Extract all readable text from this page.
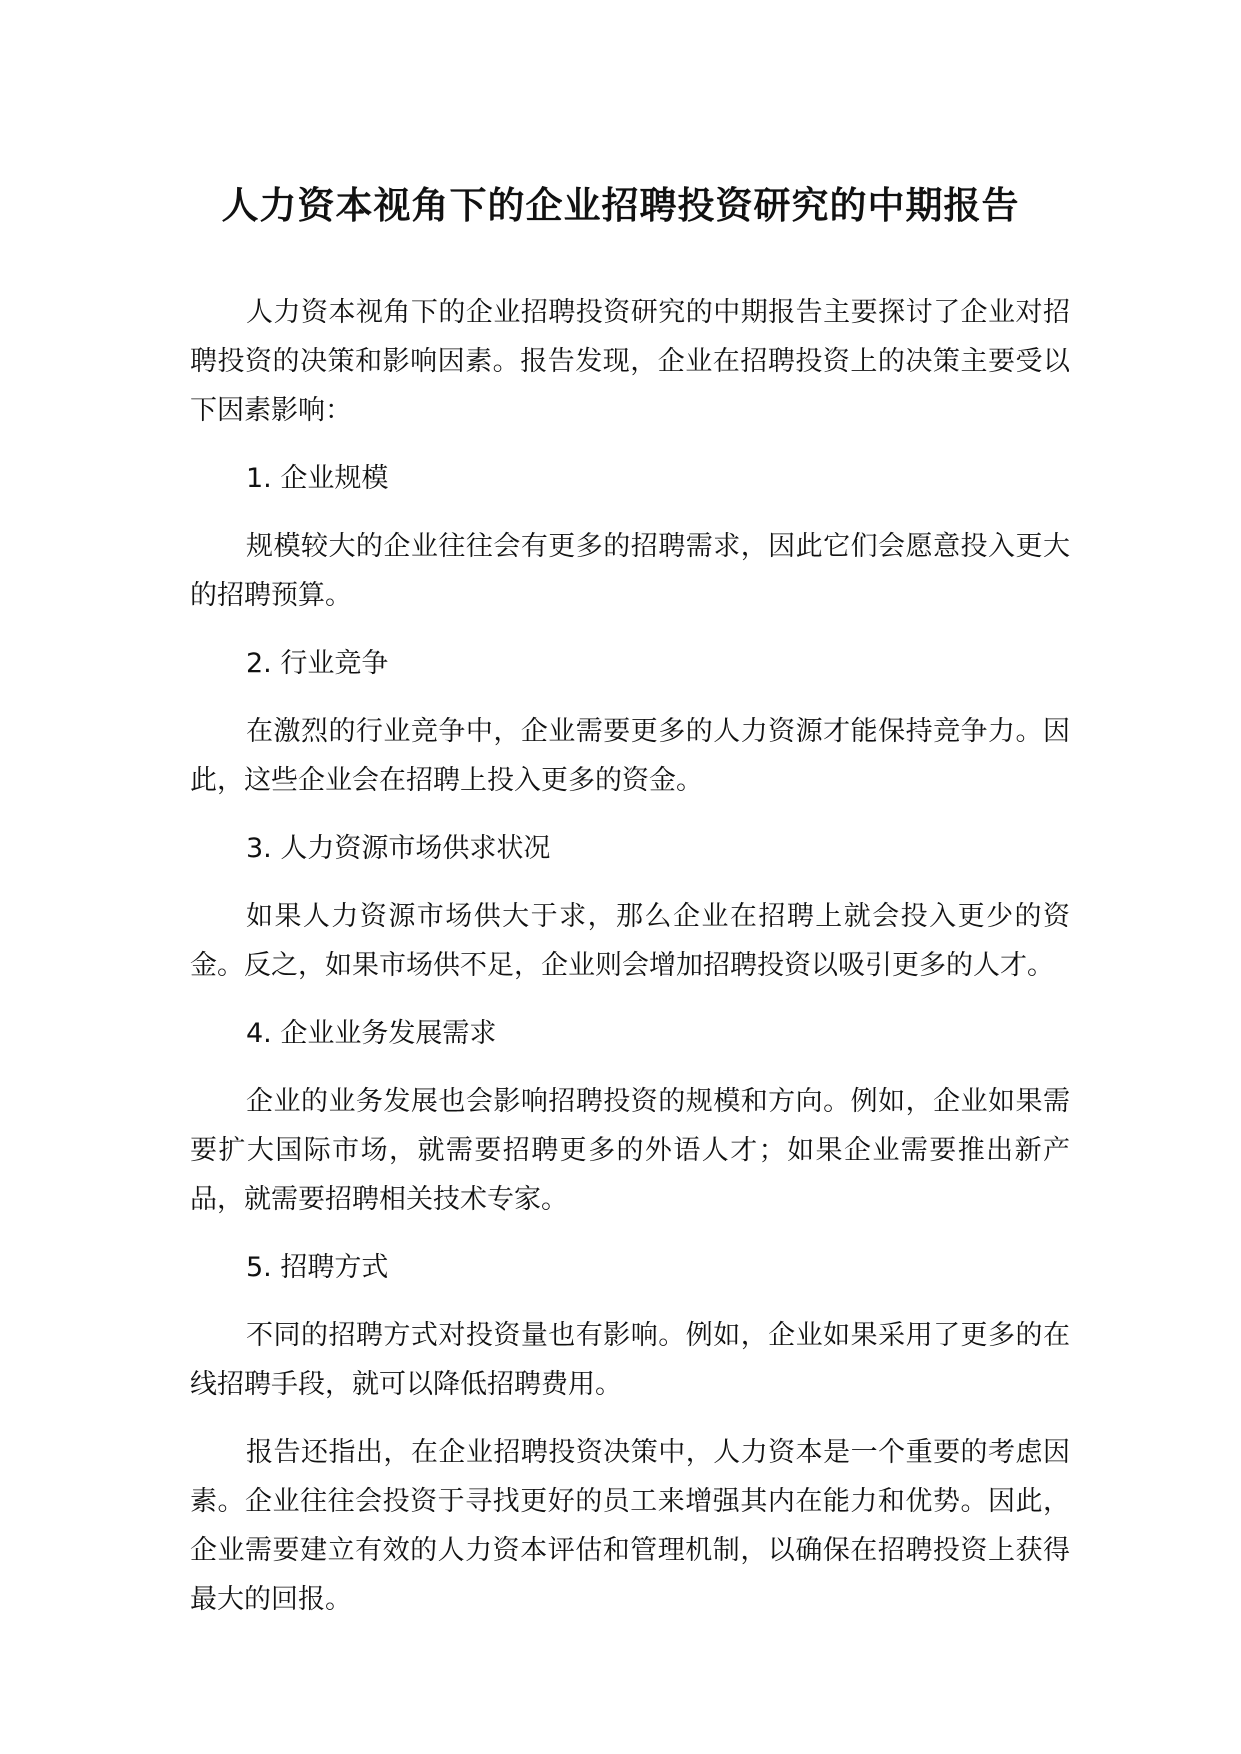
人力资本视角下的企业招聘投资研究的中期报告

人力资本视角下的企业招聘投资研究的中期报告主要探讨了企业对招聘投资的决策和影响因素。报告发现，企业在招聘投资上的决策主要受以下因素影响：

1. 企业规模

规模较大的企业往往会有更多的招聘需求，因此它们会愿意投入更大的招聘预算。

2. 行业竞争

在激烈的行业竞争中，企业需要更多的人力资源才能保持竞争力。因此，这些企业会在招聘上投入更多的资金。

3. 人力资源市场供求状况

如果人力资源市场供大于求，那么企业在招聘上就会投入更少的资金。反之，如果市场供不足，企业则会增加招聘投资以吸引更多的人才。

4. 企业业务发展需求

企业的业务发展也会影响招聘投资的规模和方向。例如，企业如果需要扩大国际市场，就需要招聘更多的外语人才；如果企业需要推出新产品，就需要招聘相关技术专家。

5. 招聘方式

不同的招聘方式对投资量也有影响。例如，企业如果采用了更多的在线招聘手段，就可以降低招聘费用。

报告还指出，在企业招聘投资决策中，人力资本是一个重要的考虑因素。企业往往会投资于寻找更好的员工来增强其内在能力和优势。因此，企业需要建立有效的人力资本评估和管理机制，以确保在招聘投资上获得最大的回报。
